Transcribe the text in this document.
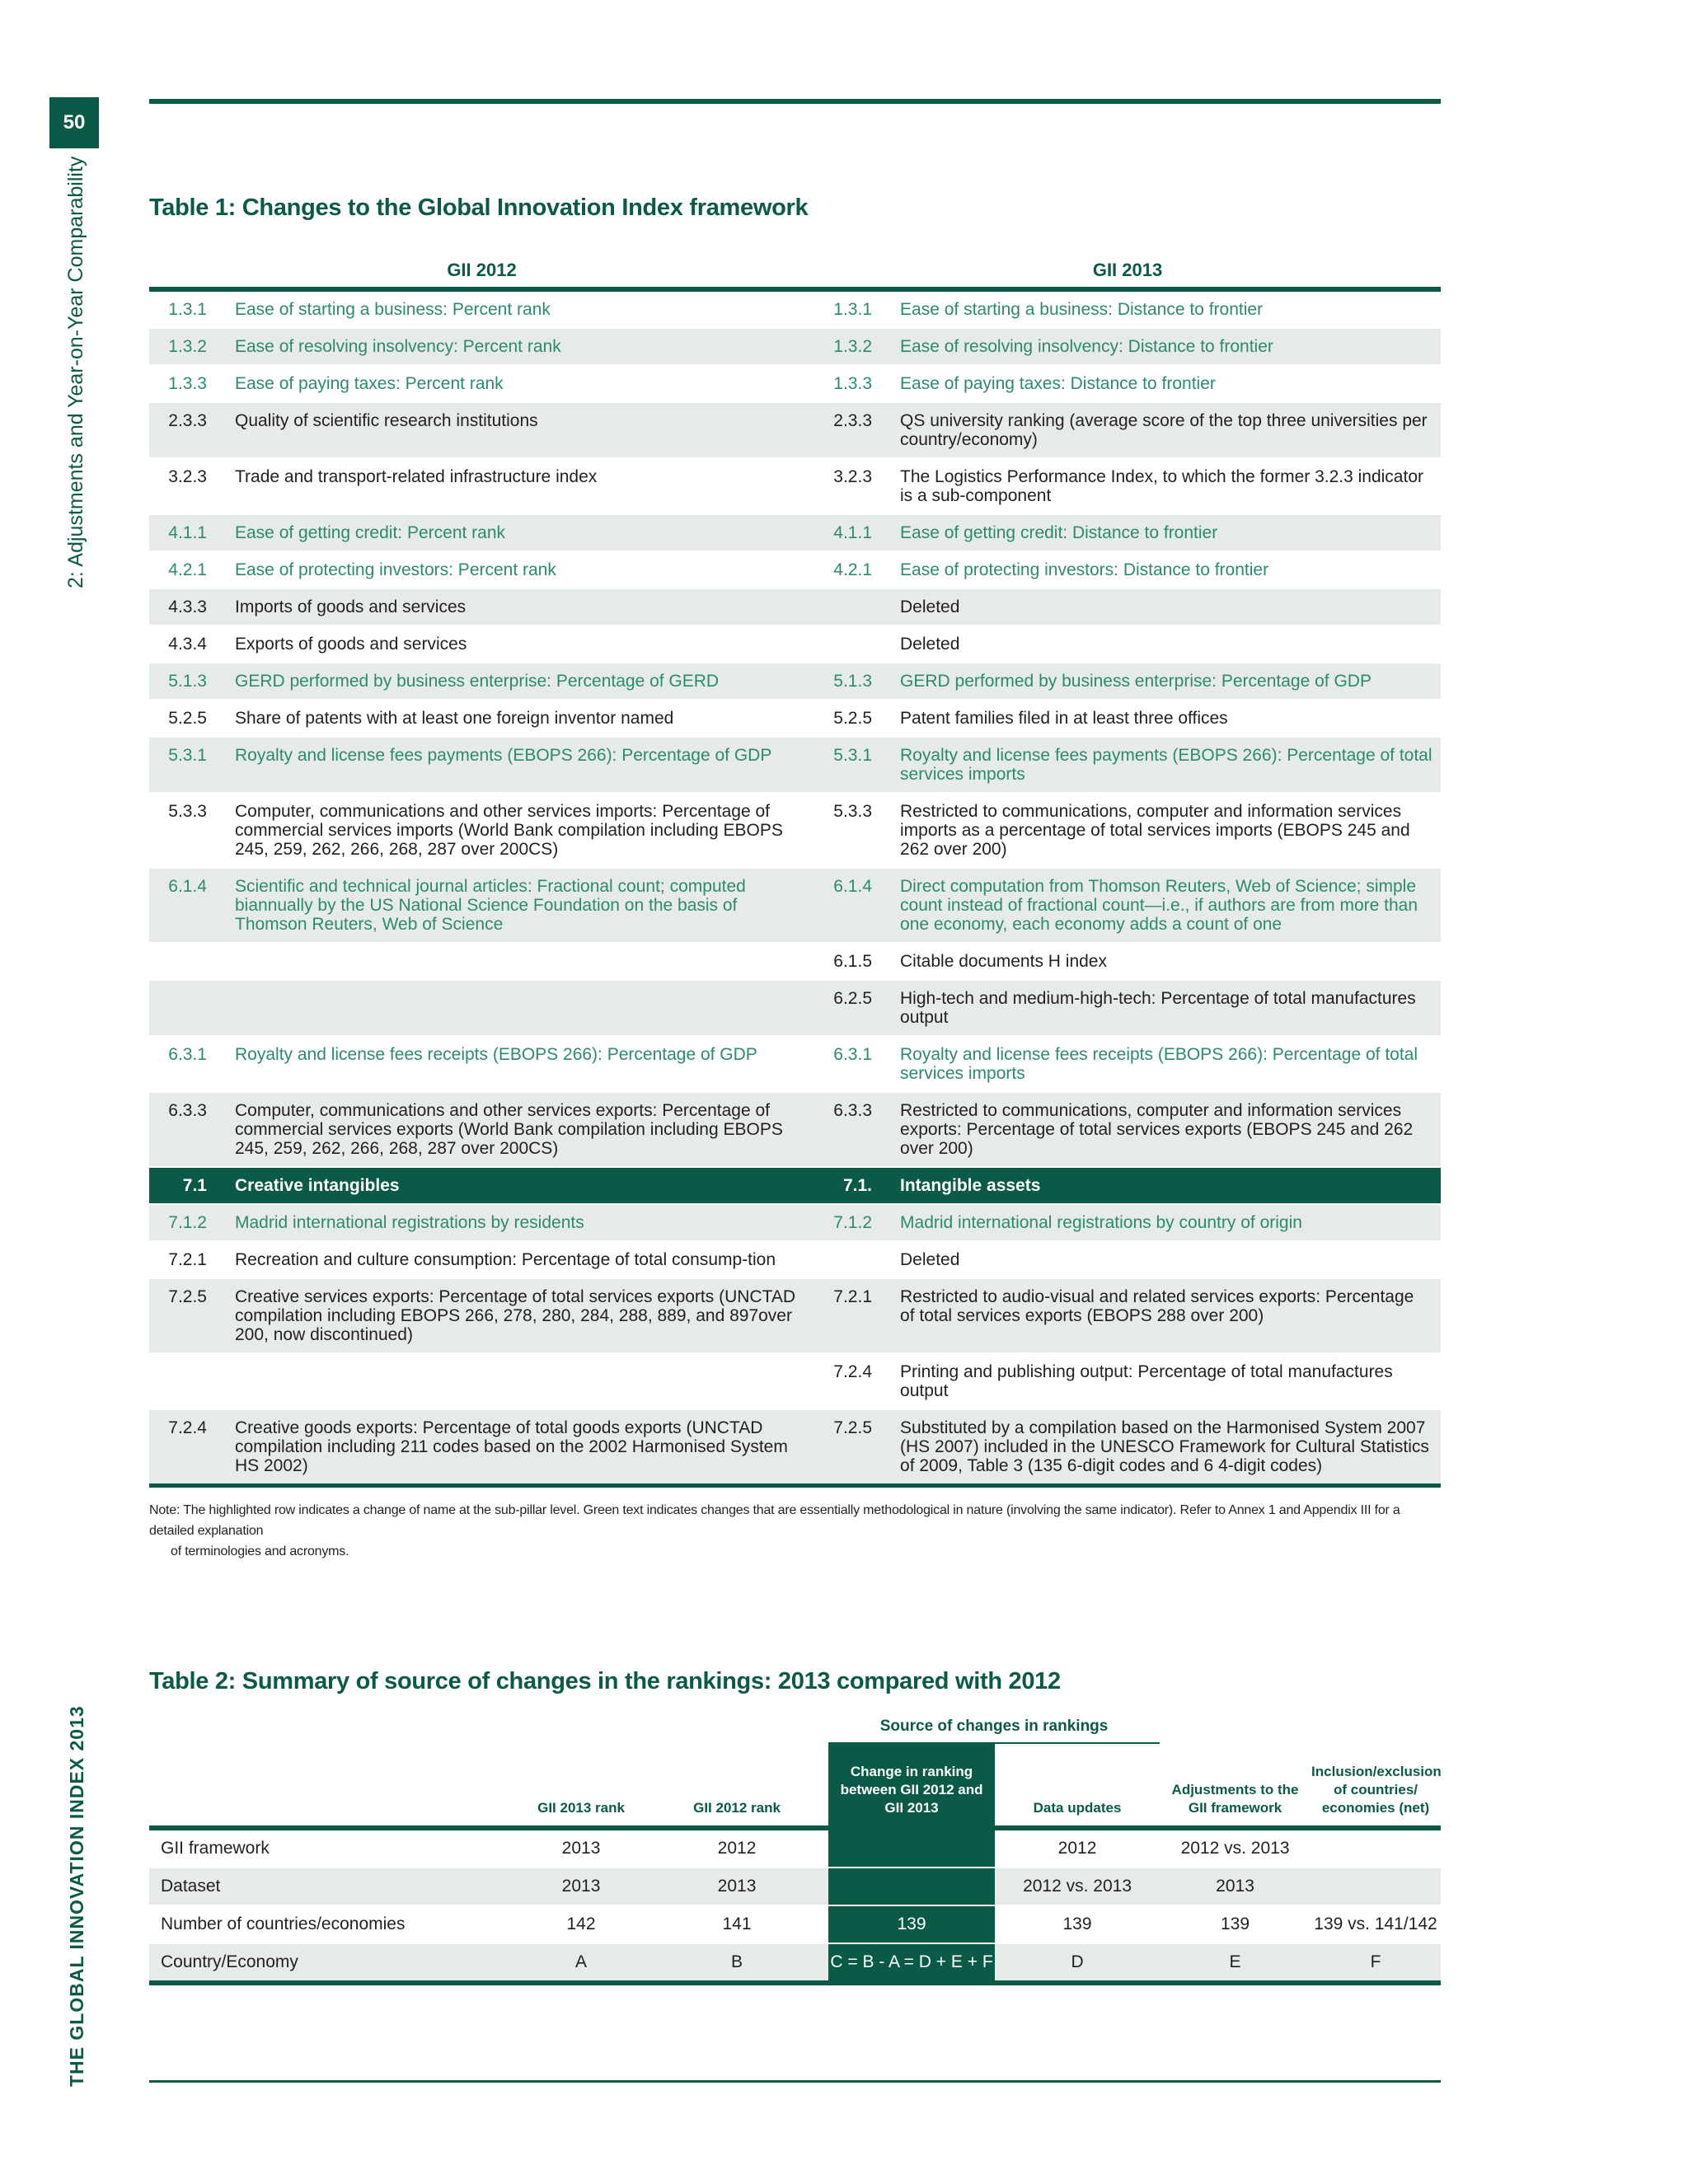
50
2: Adjustments and Year-on-Year Comparability
THE GLOBAL INNOVATION INDEX 2013
Table 1: Changes to the Global Innovation Index framework
GII 2012		GII 2013	
1.3.1	Ease of starting a business: Percent rank	1.3.1	Ease of starting a business: Distance to frontier
1.3.2	Ease of resolving insolvency: Percent rank	1.3.2	Ease of resolving insolvency: Distance to frontier
1.3.3	Ease of paying taxes: Percent rank	1.3.3	Ease of paying taxes: Distance to frontier
2.3.3	Quality of scientific research institutions	2.3.3	QS university ranking (average score of the top three universities per country/economy)
3.2.3	Trade and transport-related infrastructure index	3.2.3	The Logistics Performance Index, to which the former 3.2.3 indicator is a sub-component
4.1.1	Ease of getting credit: Percent rank	4.1.1	Ease of getting credit: Distance to frontier
4.2.1	Ease of protecting investors: Percent rank	4.2.1	Ease of protecting investors: Distance to frontier
4.3.3	Imports of goods and services		Deleted
4.3.4	Exports of goods and services		Deleted
5.1.3	GERD performed by business enterprise: Percentage of GERD	5.1.3	GERD performed by business enterprise: Percentage of GDP
5.2.5	Share of patents with at least one foreign inventor named	5.2.5	Patent families filed in at least three offices
5.3.1	Royalty and license fees payments (EBOPS 266): Percentage of GDP	5.3.1	Royalty and license fees payments (EBOPS 266): Percentage of total services imports
5.3.3	Computer, communications and other services imports: Percentage of commercial services imports (World Bank compilation including EBOPS 245, 259, 262, 266, 268, 287 over 200CS)	5.3.3	Restricted to communications, computer and information services imports as a percentage of total services imports (EBOPS 245 and 262 over 200)
6.1.4	Scientific and technical journal articles: Fractional count; computed biannually by the US National Science Foundation on the basis of Thomson Reuters, Web of Science	6.1.4	Direct computation from Thomson Reuters, Web of Science; simple count instead of fractional count—i.e., if authors are from more than one economy, each economy adds a count of one
		6.1.5	Citable documents H index
		6.2.5	High-tech and medium-high-tech: Percentage of total manufactures output
6.3.1	Royalty and license fees receipts (EBOPS 266): Percentage of GDP	6.3.1	Royalty and license fees receipts (EBOPS 266): Percentage of total services imports
6.3.3	Computer, communications and other services exports: Percentage of commercial services exports (World Bank compilation including EBOPS 245, 259, 262, 266, 268, 287 over 200CS)	6.3.3	Restricted to communications, computer and information services exports: Percentage of total services exports (EBOPS 245 and 262 over 200)
7.1	Creative intangibles	7.1.	Intangible assets
7.1.2	Madrid international registrations by residents	7.1.2	Madrid international registrations by country of origin
7.2.1	Recreation and culture consumption: Percentage of total consump-tion		Deleted
7.2.5	Creative services exports: Percentage of total services exports (UNCTAD compilation including EBOPS 266, 278, 280, 284, 288, 889, and 897over 200, now discontinued)	7.2.1	Restricted to audio-visual and related services exports: Percentage of total services exports (EBOPS 288 over 200)
		7.2.4	Printing and publishing output: Percentage of total manufactures output
7.2.4	Creative goods exports: Percentage of total goods exports (UNCTAD compilation including 211 codes based on the 2002 Harmonised System HS 2002)	7.2.5	Substituted by a compilation based on the Harmonised System 2007 (HS 2007) included in the UNESCO Framework for Cultural Statistics of 2009, Table 3 (135 6-digit codes and 6 4-digit codes)
Note: The highlighted row indicates a change of name at the sub-pillar level. Green text indicates changes that are essentially methodological in nature (involving the same indicator). Refer to Annex 1 and Appendix III for a detailed explanation
of terminologies and acronyms.
Table 2: Summary of source of changes in the rankings: 2013 compared with 2012
				Source of changes in rankings			
		GII 2013 rank	GII 2012 rank	Change in ranking between GII 2012 and GII 2013	Data updates	Adjustments to the GII framework	Inclusion/exclusion of countries/ economies (net)
GII framework		2013	2012		2012	2012 vs. 2013	
Dataset		2013	2013		2012 vs. 2013	2013	
Number of countries/economies		142	141	139	139	139	139 vs. 141/142
Country/Economy		A	B	C = B - A = D + E + F	D	E	F
